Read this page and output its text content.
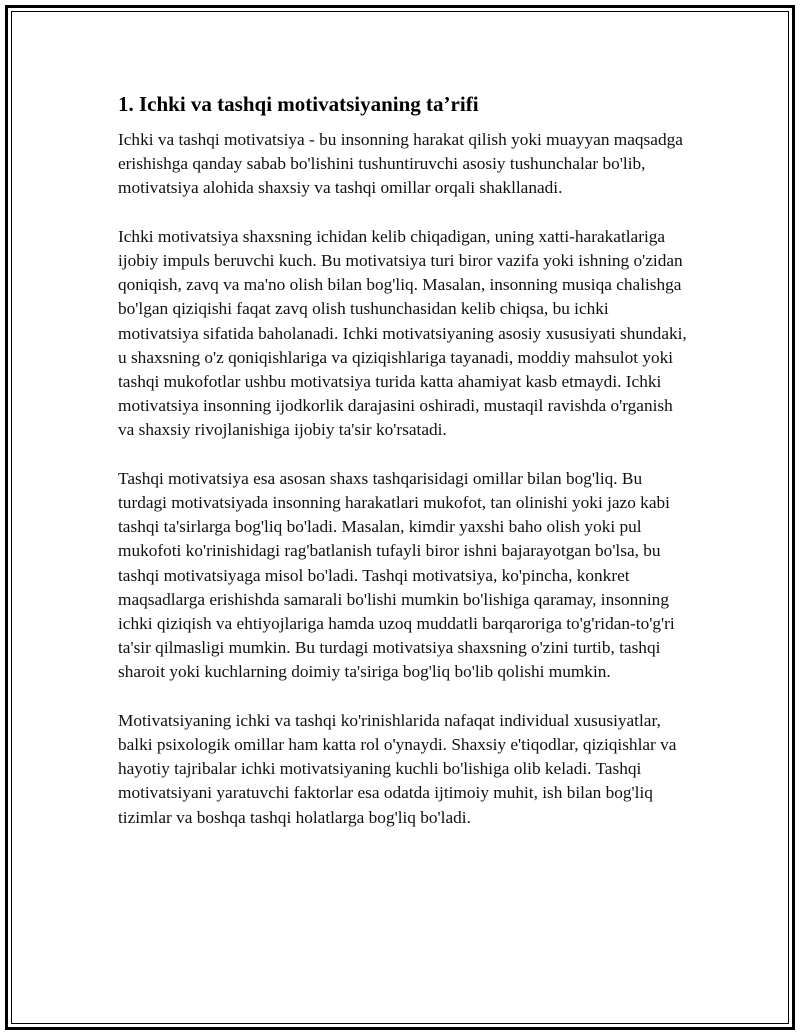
1. Ichki va tashqi motivatsiyaning ta’rifi

Ichki va tashqi motivatsiya - bu insonning harakat qilish yoki muayyan maqsadga erishishga qanday sabab bo'lishini tushuntiruvchi asosiy tushunchalar bo'lib, motivatsiya alohida shaxsiy va tashqi omillar orqali shakllanadi.

Ichki motivatsiya shaxsning ichidan kelib chiqadigan, uning xatti-harakatlariga ijobiy impuls beruvchi kuch. Bu motivatsiya turi biror vazifa yoki ishning o'zidan qoniqish, zavq va ma'no olish bilan bog'liq. Masalan, insonning musiqa chalishga bo'lgan qiziqishi faqat zavq olish tushunchasidan kelib chiqsa, bu ichki motivatsiya sifatida baholanadi. Ichki motivatsiyaning asosiy xususiyati shundaki, u shaxsning o'z qoniqishlariga va qiziqishlariga tayanadi, moddiy mahsulot yoki tashqi mukofotlar ushbu motivatsiya turida katta ahamiyat kasb etmaydi. Ichki motivatsiya insonning ijodkorlik darajasini oshiradi, mustaqil ravishda o'rganish va shaxsiy rivojlanishiga ijobiy ta'sir ko'rsatadi.

Tashqi motivatsiya esa asosan shaxs tashqarisidagi omillar bilan bog'liq. Bu turdagi motivatsiyada insonning harakatlari mukofot, tan olinishi yoki jazo kabi tashqi ta'sirlarga bog'liq bo'ladi. Masalan, kimdir yaxshi baho olish yoki pul mukofoti ko'rinishidagi rag'batlanish tufayli biror ishni bajarayotgan bo'lsa, bu tashqi motivatsiyaga misol bo'ladi. Tashqi motivatsiya, ko'pincha, konkret maqsadlarga erishishda samarali bo'lishi mumkin bo'lishiga qaramay, insonning ichki qiziqish va ehtiyojlariga hamda uzoq muddatli barqaroriga to'g'ridan-to'g'ri ta'sir qilmasligi mumkin. Bu turdagi motivatsiya shaxsning o'zini turtib, tashqi sharoit yoki kuchlarning doimiy ta'siriga bog'liq bo'lib qolishi mumkin.

Motivatsiyaning ichki va tashqi ko'rinishlarida nafaqat individual xususiyatlar, balki psixologik omillar ham katta rol o'ynaydi. Shaxsiy e'tiqodlar, qiziqishlar va hayotiy tajribalar ichki motivatsiyaning kuchli bo'lishiga olib keladi. Tashqi motivatsiyani yaratuvchi faktorlar esa odatda ijtimoiy muhit, ish bilan bog'liq tizimlar va boshqa tashqi holatlarga bog'liq bo'ladi.
